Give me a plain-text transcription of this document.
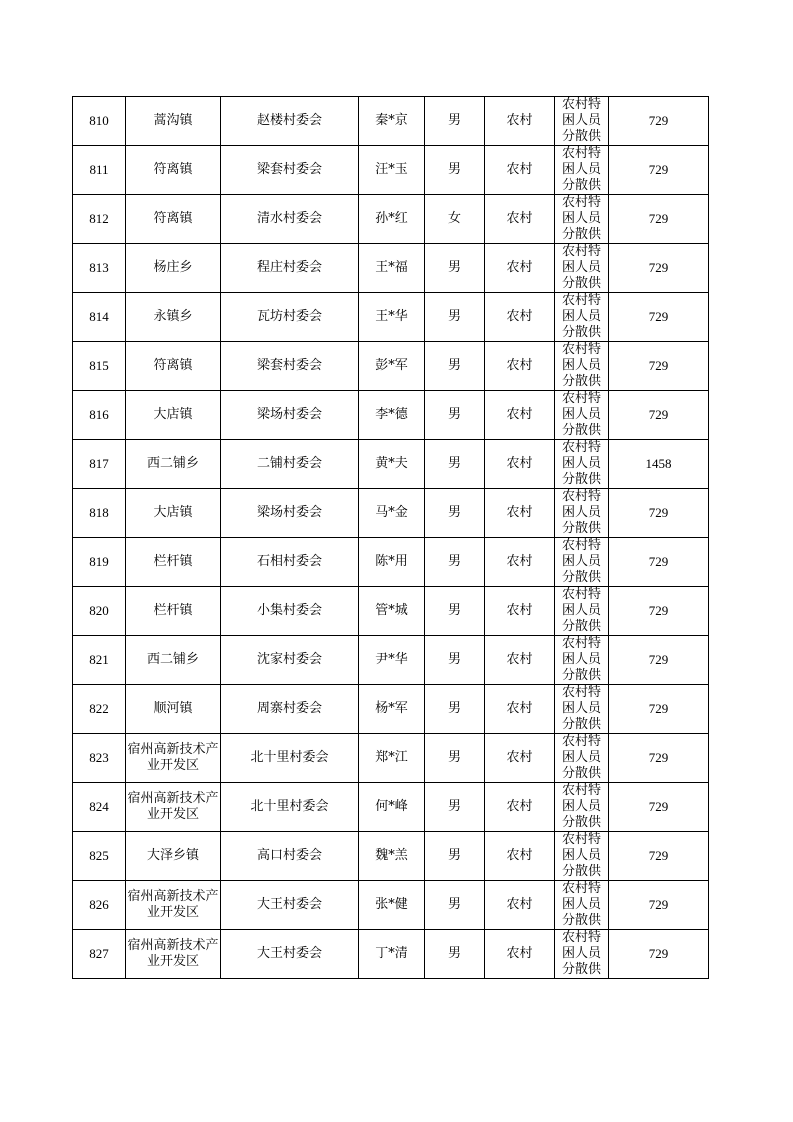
810	蒿沟镇	赵楼村委会	秦*京	男	农村	农村特困人员分散供	729
811	符离镇	梁套村委会	汪*玉	男	农村	农村特困人员分散供	729
812	符离镇	清水村委会	孙*红	女	农村	农村特困人员分散供	729
813	杨庄乡	程庄村委会	王*福	男	农村	农村特困人员分散供	729
814	永镇乡	瓦坊村委会	王*华	男	农村	农村特困人员分散供	729
815	符离镇	梁套村委会	彭*军	男	农村	农村特困人员分散供	729
816	大店镇	梁场村委会	李*德	男	农村	农村特困人员分散供	729
817	西二铺乡	二铺村委会	黄*夫	男	农村	农村特困人员分散供	1458
818	大店镇	梁场村委会	马*金	男	农村	农村特困人员分散供	729
819	栏杆镇	石相村委会	陈*用	男	农村	农村特困人员分散供	729
820	栏杆镇	小集村委会	管*城	男	农村	农村特困人员分散供	729
821	西二铺乡	沈家村委会	尹*华	男	农村	农村特困人员分散供	729
822	顺河镇	周寨村委会	杨*军	男	农村	农村特困人员分散供	729
823	宿州高新技术产业开发区	北十里村委会	郑*江	男	农村	农村特困人员分散供	729
824	宿州高新技术产业开发区	北十里村委会	何*峰	男	农村	农村特困人员分散供	729
825	大泽乡镇	高口村委会	魏*羔	男	农村	农村特困人员分散供	729
826	宿州高新技术产业开发区	大王村委会	张*健	男	农村	农村特困人员分散供	729
827	宿州高新技术产业开发区	大王村委会	丁*清	男	农村	农村特困人员分散供	729
